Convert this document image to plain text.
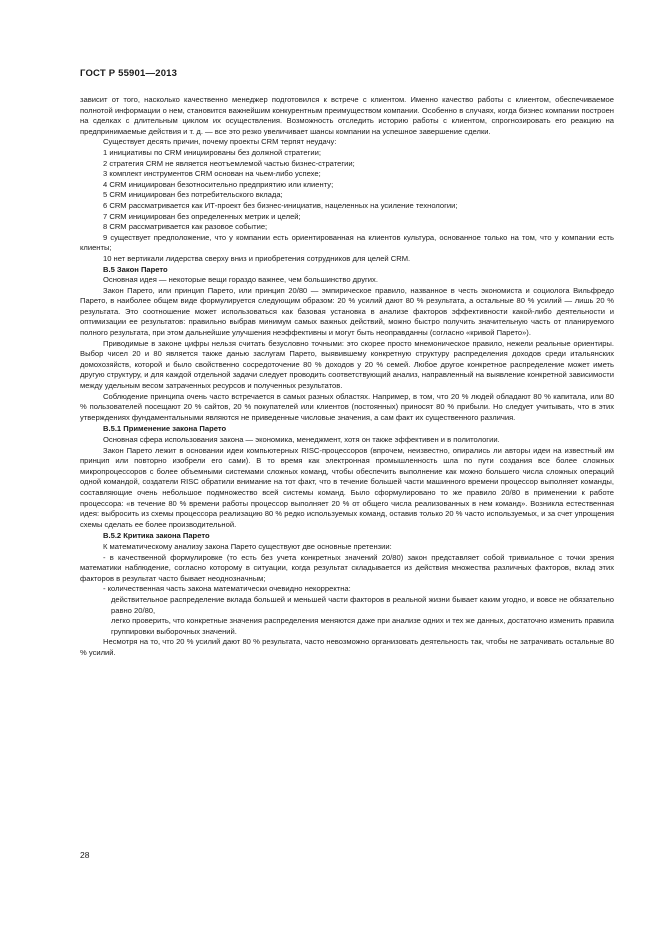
ГОСТ Р 55901—2013

зависит от того, насколько качественно менеджер подготовился к встрече с клиентом. Именно качество работы с клиентом, обеспечиваемое полнотой информации о нем, становится важнейшим конкурентным преимуществом компании. Особенно в случаях, когда бизнес компании построен на сделках с длительным циклом их осуществления. Возможность отследить историю работы с клиентом, спрогнозировать его реакцию на предпринимаемые действия и т. д. — все это резко увеличивает шансы компании на успешное завершение сделки.

Существует десять причин, почему проекты CRM терпят неудачу:

1 инициативы по CRM инициированы без должной стратегии;

2 стратегия CRM не является неотъемлемой частью бизнес-стратегии;

3 комплект инструментов CRM основан на чьем-либо успехе;

4 CRM инициирован безотносительно предприятию или клиенту;

5 CRM инициирован без потребительского вклада;

6 CRM рассматривается как ИТ-проект без бизнес-инициатив, нацеленных на усиление технологии;

7 CRM инициирован без определенных метрик и целей;

8 CRM рассматривается как разовое событие;

9 существует предположение, что у компании есть ориентированная на клиентов культура, основанное только на том, что у компании есть клиенты;

10 нет вертикали лидерства сверху вниз и приобретения сотрудников для целей CRM.

В.5 Закон Парето

Основная идея — некоторые вещи гораздо важнее, чем большинство других.

Закон Парето, или принцип Парето, или принцип 20/80 — эмпирическое правило, названное в честь экономиста и социолога Вильфредо Парето, в наиболее общем виде формулируется следующим образом: 20 % усилий дают 80 % результата, а остальные 80 % усилий — лишь 20 % результата. Это соотношение может использоваться как базовая установка в анализе факторов эффективности какой-либо деятельности и оптимизации ее результатов: правильно выбрав минимум самых важных действий, можно быстро получить значительную часть от планируемого полного результата, при этом дальнейшие улучшения неэффективны и могут быть неоправданны (согласно «кривой Парето»).

Приводимые в законе цифры нельзя считать безусловно точными: это скорее просто мнемоническое правило, нежели реальные ориентиры. Выбор чисел 20 и 80 является также данью заслугам Парето, выявившему конкретную структуру распределения доходов среди итальянских домохозяйств, которой и было свойственно сосредоточение 80 % доходов у 20 % семей. Любое другое конкретное распределение может иметь другую структуру, и для каждой отдельной задачи следует проводить соответствующий анализ, направленный на выявление конкретной зависимости между удельным весом затраченных ресурсов и полученных результатов.

Соблюдение принципа очень часто встречается в самых разных областях. Например, в том, что 20 % людей обладают 80 % капитала, или 80 % пользователей посещают 20 % сайтов, 20 % покупателей или клиентов (постоянных) приносят 80 % прибыли. Но следует учитывать, что в этих утверждениях фундаментальными являются не приведенные числовые значения, а сам факт их существенного различия.

В.5.1 Применение закона Парето

Основная сфера использования закона — экономика, менеджмент, хотя он также эффективен и в политологии.

Закон Парето лежит в основании идеи компьютерных RISC-процессоров (впрочем, неизвестно, опирались ли авторы идеи на известный им принцип или повторно изобрели его сами). В то время как электронная промышленность шла по пути создания все более сложных микропроцессоров с более объемными системами сложных команд, чтобы обеспечить выполнение как можно большего числа сложных операций одной командой, создатели RISC обратили внимание на тот факт, что в течение большей части машинного времени процессор выполняет команды, составляющие очень небольшое подмножество всей системы команд. Было сформулировано то же правило 20/80 в применении к работе процессора: «в течение 80 % времени работы процессор выполняет 20 % от общего числа реализованных в нем команд». Возникла естественная идея: выбросить из схемы процессора реализацию 80 % редко используемых команд, оставив только 20 % часто используемых, и за счет упрощения схемы сделать ее более производительной.

В.5.2 Критика закона Парето

К математическому анализу закона Парето существуют две основные претензии:

- в качественной формулировке (то есть без учета конкретных значений 20/80) закон представляет собой тривиальное с точки зрения математики наблюдение, согласно которому в ситуации, когда результат складывается из действия множества различных факторов, вклад этих факторов в результат часто бывает неоднозначным;

- количественная часть закона математически очевидно некорректна:

действительное распределение вклада большей и меньшей части факторов в реальной жизни бывает каким угодно, и вовсе не обязательно равно 20/80,

легко проверить, что конкретные значения распределения меняются даже при анализе одних и тех же данных, достаточно изменить правила группировки выборочных значений.

Несмотря на то, что 20 % усилий дают 80 % результата, часто невозможно организовать деятельность так, чтобы не затрачивать остальные 80 % усилий.

28
